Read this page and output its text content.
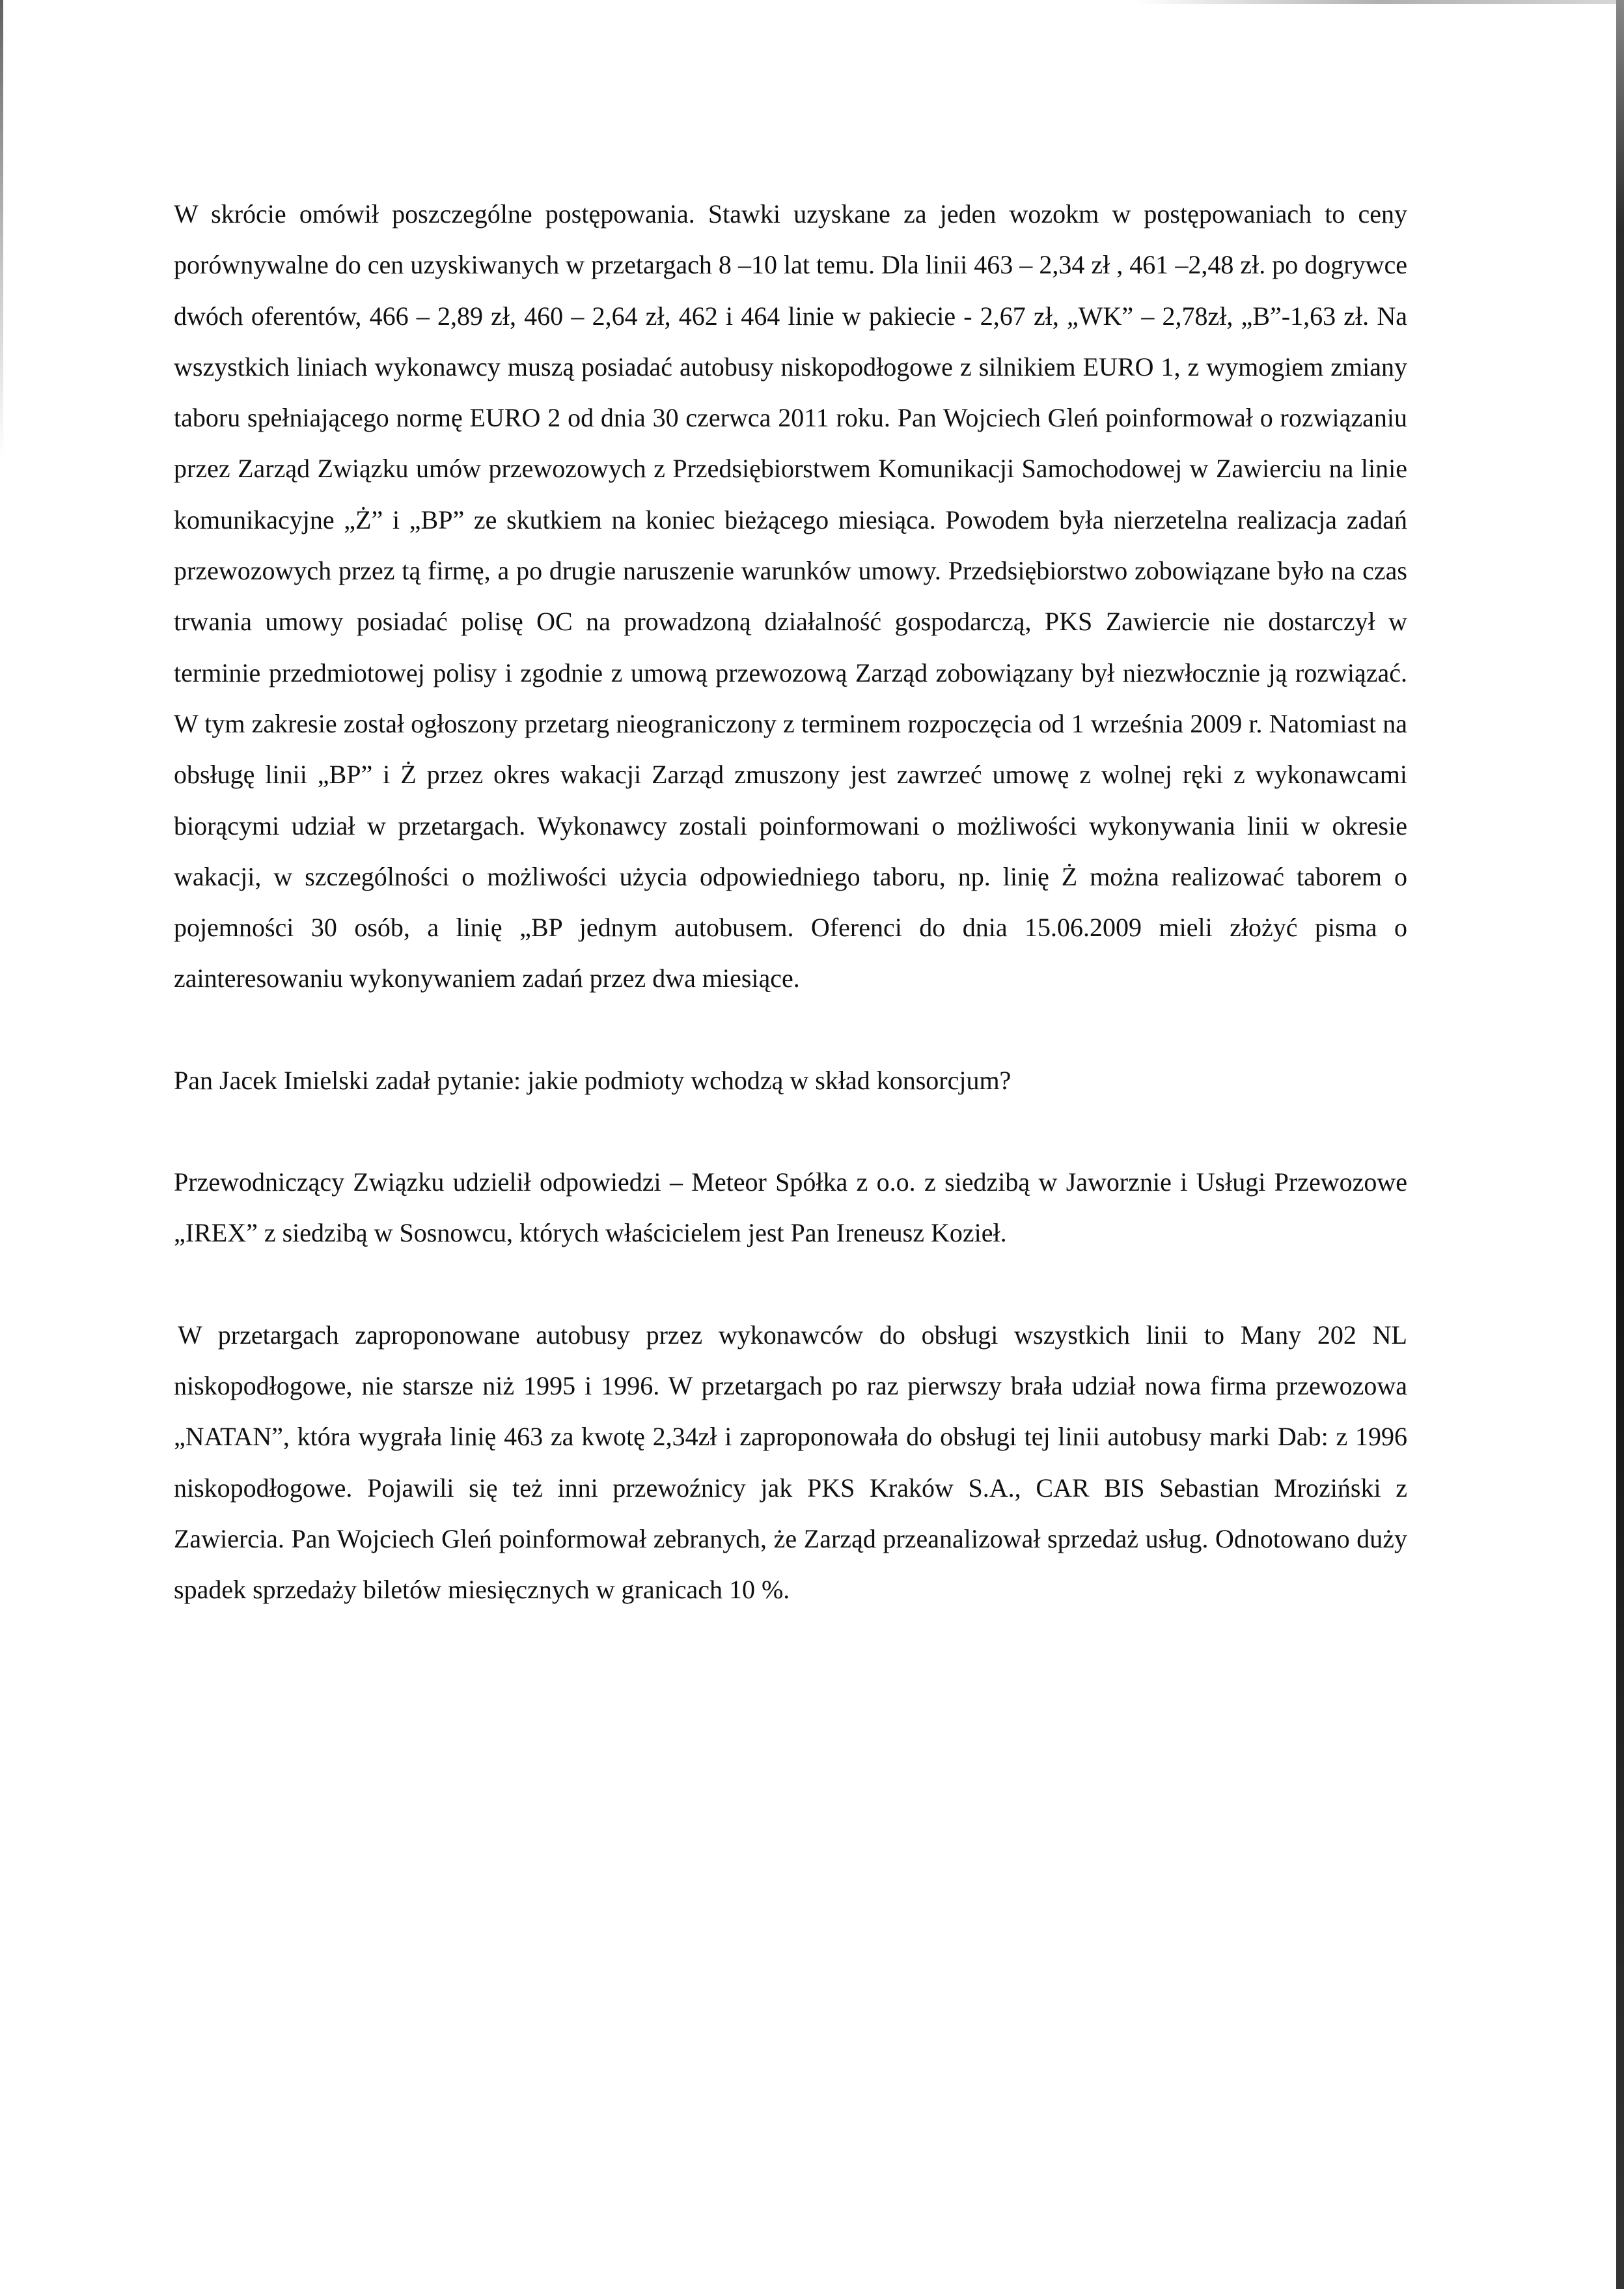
W skrócie omówił poszczególne postępowania. Stawki uzyskane za jeden wozokm w postępowaniach to ceny porównywalne do cen uzyskiwanych w przetargach 8 –10 lat temu. Dla linii 463 – 2,34 zł , 461 –2,48 zł. po dogrywce dwóch oferentów, 466 – 2,89 zł, 460 – 2,64 zł, 462 i 464 linie w pakiecie - 2,67 zł, „WK” – 2,78zł, „B”-1,63 zł. Na wszystkich liniach wykonawcy muszą posiadać autobusy niskopodłogowe z silnikiem EURO 1, z wymogiem zmiany taboru spełniającego normę EURO 2 od dnia 30 czerwca 2011 roku. Pan Wojciech Gleń poinformował o rozwiązaniu przez Zarząd Związku umów przewozowych z Przedsiębiorstwem Komunikacji Samochodowej w Zawierciu na linie komunikacyjne „Ż” i „BP” ze skutkiem na koniec bieżącego miesiąca. Powodem była nierzetelna realizacja zadań przewozowych przez tą firmę, a po drugie naruszenie warunków umowy. Przedsiębiorstwo zobowiązane było na czas trwania umowy posiadać polisę OC na prowadzoną działalność gospodarczą, PKS Zawiercie nie dostarczył w terminie przedmiotowej polisy i zgodnie z umową przewozową Zarząd zobowiązany był niezwłocznie ją rozwiązać. W tym zakresie został ogłoszony przetarg nieograniczony z terminem rozpoczęcia od 1 września 2009 r. Natomiast na obsługę linii „BP” i Ż przez okres wakacji Zarząd zmuszony jest zawrzeć umowę z wolnej ręki z wykonawcami biorącymi udział w przetargach. Wykonawcy zostali poinformowani o możliwości wykonywania linii w okresie wakacji, w szczególności o możliwości użycia odpowiedniego taboru, np. linię Ż można realizować taborem o pojemności 30 osób, a linię „BP jednym autobusem. Oferenci do dnia 15.06.2009 mieli złożyć pisma o zainteresowaniu wykonywaniem zadań przez dwa miesiące.

Pan Jacek Imielski zadał pytanie: jakie podmioty wchodzą w skład konsorcjum?

Przewodniczący Związku udzielił odpowiedzi – Meteor Spółka z o.o. z siedzibą w Jaworznie i Usługi Przewozowe „IREX” z siedzibą w Sosnowcu, których właścicielem jest Pan Ireneusz Kozieł.

W przetargach zaproponowane autobusy przez wykonawców do obsługi wszystkich linii to Many 202 NL niskopodłogowe, nie starsze niż 1995 i 1996. W przetargach po raz pierwszy brała udział nowa firma przewozowa „NATAN”, która wygrała linię 463 za kwotę 2,34zł i zaproponowała do obsługi tej linii autobusy marki Dab: z 1996 niskopodłogowe. Pojawili się też inni przewoźnicy jak PKS Kraków S.A., CAR BIS Sebastian Mroziński z Zawiercia. Pan Wojciech Gleń poinformował zebranych, że Zarząd przeanalizował sprzedaż usług. Odnotowano duży spadek sprzedaży biletów miesięcznych w granicach 10 %.
